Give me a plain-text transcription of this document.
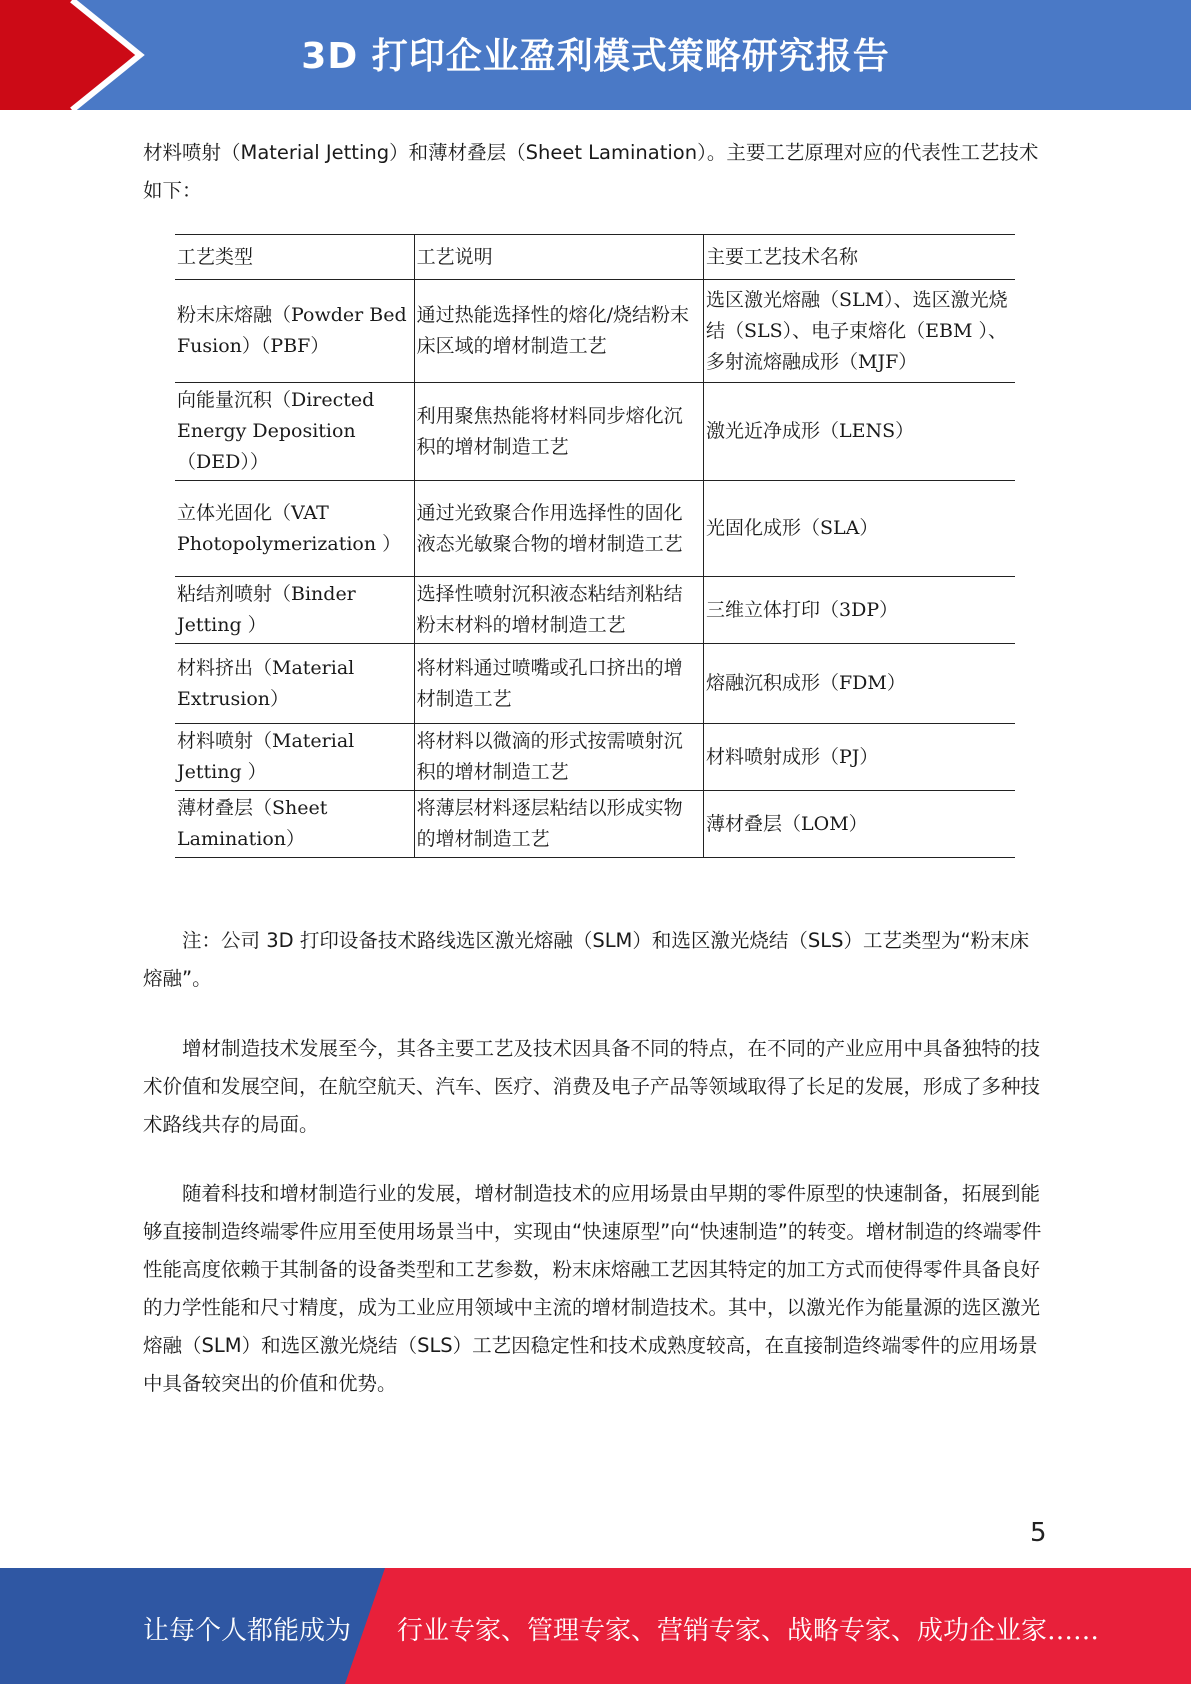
3D 打印企业盈利模式策略研究报告

材料喷射（Material Jetting）和薄材叠层（Sheet Lamination）。主要工艺原理对应的代表性工艺技术如下：

工艺类型	工艺说明	主要工艺技术名称
粉末床熔融（Powder Bed Fusion）（PBF）	通过热能选择性的熔化/烧结粉末床区域的增材制造工艺	选区激光熔融（SLM）、选区激光烧结（SLS）、电子束熔化（EBM ）、多射流熔融成形（MJF）

向能量沉积（Directed Energy Deposition （DED））	利用聚焦热能将材料同步熔化沉积的增材制造工艺	激光近净成形（LENS）
立体光固化（VAT Photopolymerization ）	通过光致聚合作用选择性的固化液态光敏聚合物的增材制造工艺	光固化成形（SLA）
粘结剂喷射（Binder Jetting ）	选择性喷射沉积液态粘结剂粘结粉末材料的增材制造工艺	三维立体打印（3DP）
材料挤出（Material Extrusion）	将材料通过喷嘴或孔口挤出的增材制造工艺	熔融沉积成形（FDM）
材料喷射（Material Jetting ）	将材料以微滴的形式按需喷射沉积的增材制造工艺	材料喷射成形（PJ）
薄材叠层（Sheet Lamination）	将薄层材料逐层粘结以形成实物的增材制造工艺	薄材叠层（LOM）

注：公司 3D 打印设备技术路线选区激光熔融（SLM）和选区激光烧结（SLS）工艺类型为“粉末床熔融”。

增材制造技术发展至今，其各主要工艺及技术因具备不同的特点，在不同的产业应用中具备独特的技术价值和发展空间，在航空航天、汽车、医疗、消费及电子产品等领域取得了长足的发展，形成了多种技术路线共存的局面。

随着科技和增材制造行业的发展，增材制造技术的应用场景由早期的零件原型的快速制备，拓展到能够直接制造终端零件应用至使用场景当中，实现由“快速原型”向“快速制造”的转变。增材制造的终端零件性能高度依赖于其制备的设备类型和工艺参数，粉末床熔融工艺因其特定的加工方式而使得零件具备良好的力学性能和尺寸精度，成为工业应用领域中主流的增材制造技术。其中，以激光作为能量源的选区激光熔融（SLM）和选区激光烧结（SLS）工艺因稳定性和技术成熟度较高，在直接制造终端零件的应用场景中具备较突出的价值和优势。

5
让每个人都能成为 行业专家、管理专家、营销专家、战略专家、成功企业家……
